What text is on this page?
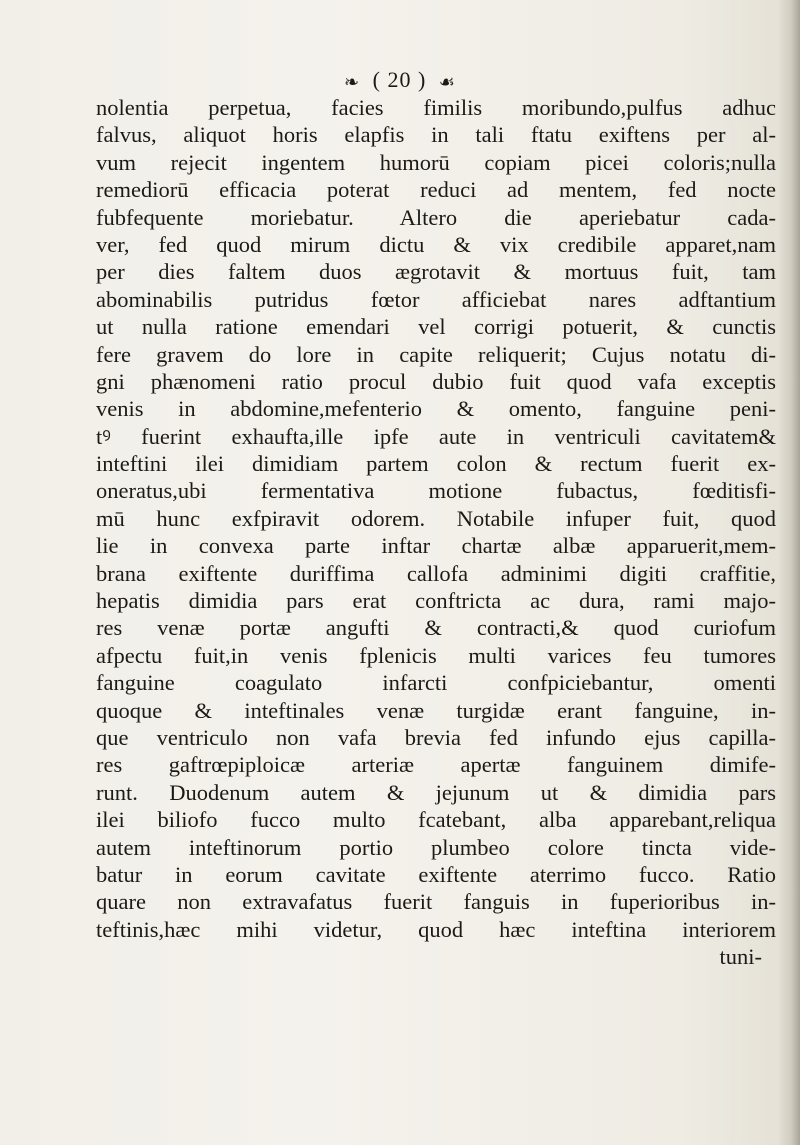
❧ ( 20 ) ☙
nolentia perpetua, facies fimilis moribundo,pulfus adhuc
falvus, aliquot horis elapfis in tali ftatu exiftens per al-
vum rejecit ingentem humorū copiam picei coloris;nulla
remediorū efficacia poterat reduci ad mentem, fed nocte
fubfequente moriebatur. Altero die aperiebatur cada-
ver, fed quod mirum dictu & vix credibile apparet,nam
per dies faltem duos ægrotavit & mortuus fuit, tam
abominabilis putridus fœtor afficiebat nares adftantium
ut nulla ratione emendari vel corrigi potuerit, & cunctis
fere gravem do lore in capite reliquerit; Cujus notatu di-
gni phænomeni ratio procul dubio fuit quod vafa exceptis
venis in abdomine,mefenterio & omento, fanguine peni-
tꝰ fuerint exhaufta,ille ipfe aute in ventriculi cavitatem&
inteftini ilei dimidiam partem colon & rectum fuerit ex-
oneratus,ubi fermentativa motione fubactus, fœditisfi-
mū hunc exfpiravit odorem. Notabile infuper fuit, quod
lie in convexa parte inftar chartæ albæ apparuerit,mem-
brana exiftente duriffima callofa adminimi digiti craffitie,
hepatis dimidia pars erat conftricta ac dura, rami majo-
res venæ portæ angufti & contracti,& quod curiofum
afpectu fuit,in venis fplenicis multi varices feu tumores
fanguine coagulato infarcti confpiciebantur, omenti
quoque & inteftinales venæ turgidæ erant fanguine, in-
que ventriculo non vafa brevia fed infundo ejus capilla-
res gaftrœpiploicæ arteriæ apertæ fanguinem dimife-
runt. Duodenum autem & jejunum ut & dimidia pars
ilei biliofo fucco multo fcatebant, alba apparebant,reliqua
autem inteftinorum portio plumbeo colore tincta vide-
batur in eorum cavitate exiftente aterrimo fucco. Ratio
quare non extravafatus fuerit fanguis in fuperioribus in-
teftinis,hæc mihi videtur, quod hæc inteftina interiorem
tuni-
